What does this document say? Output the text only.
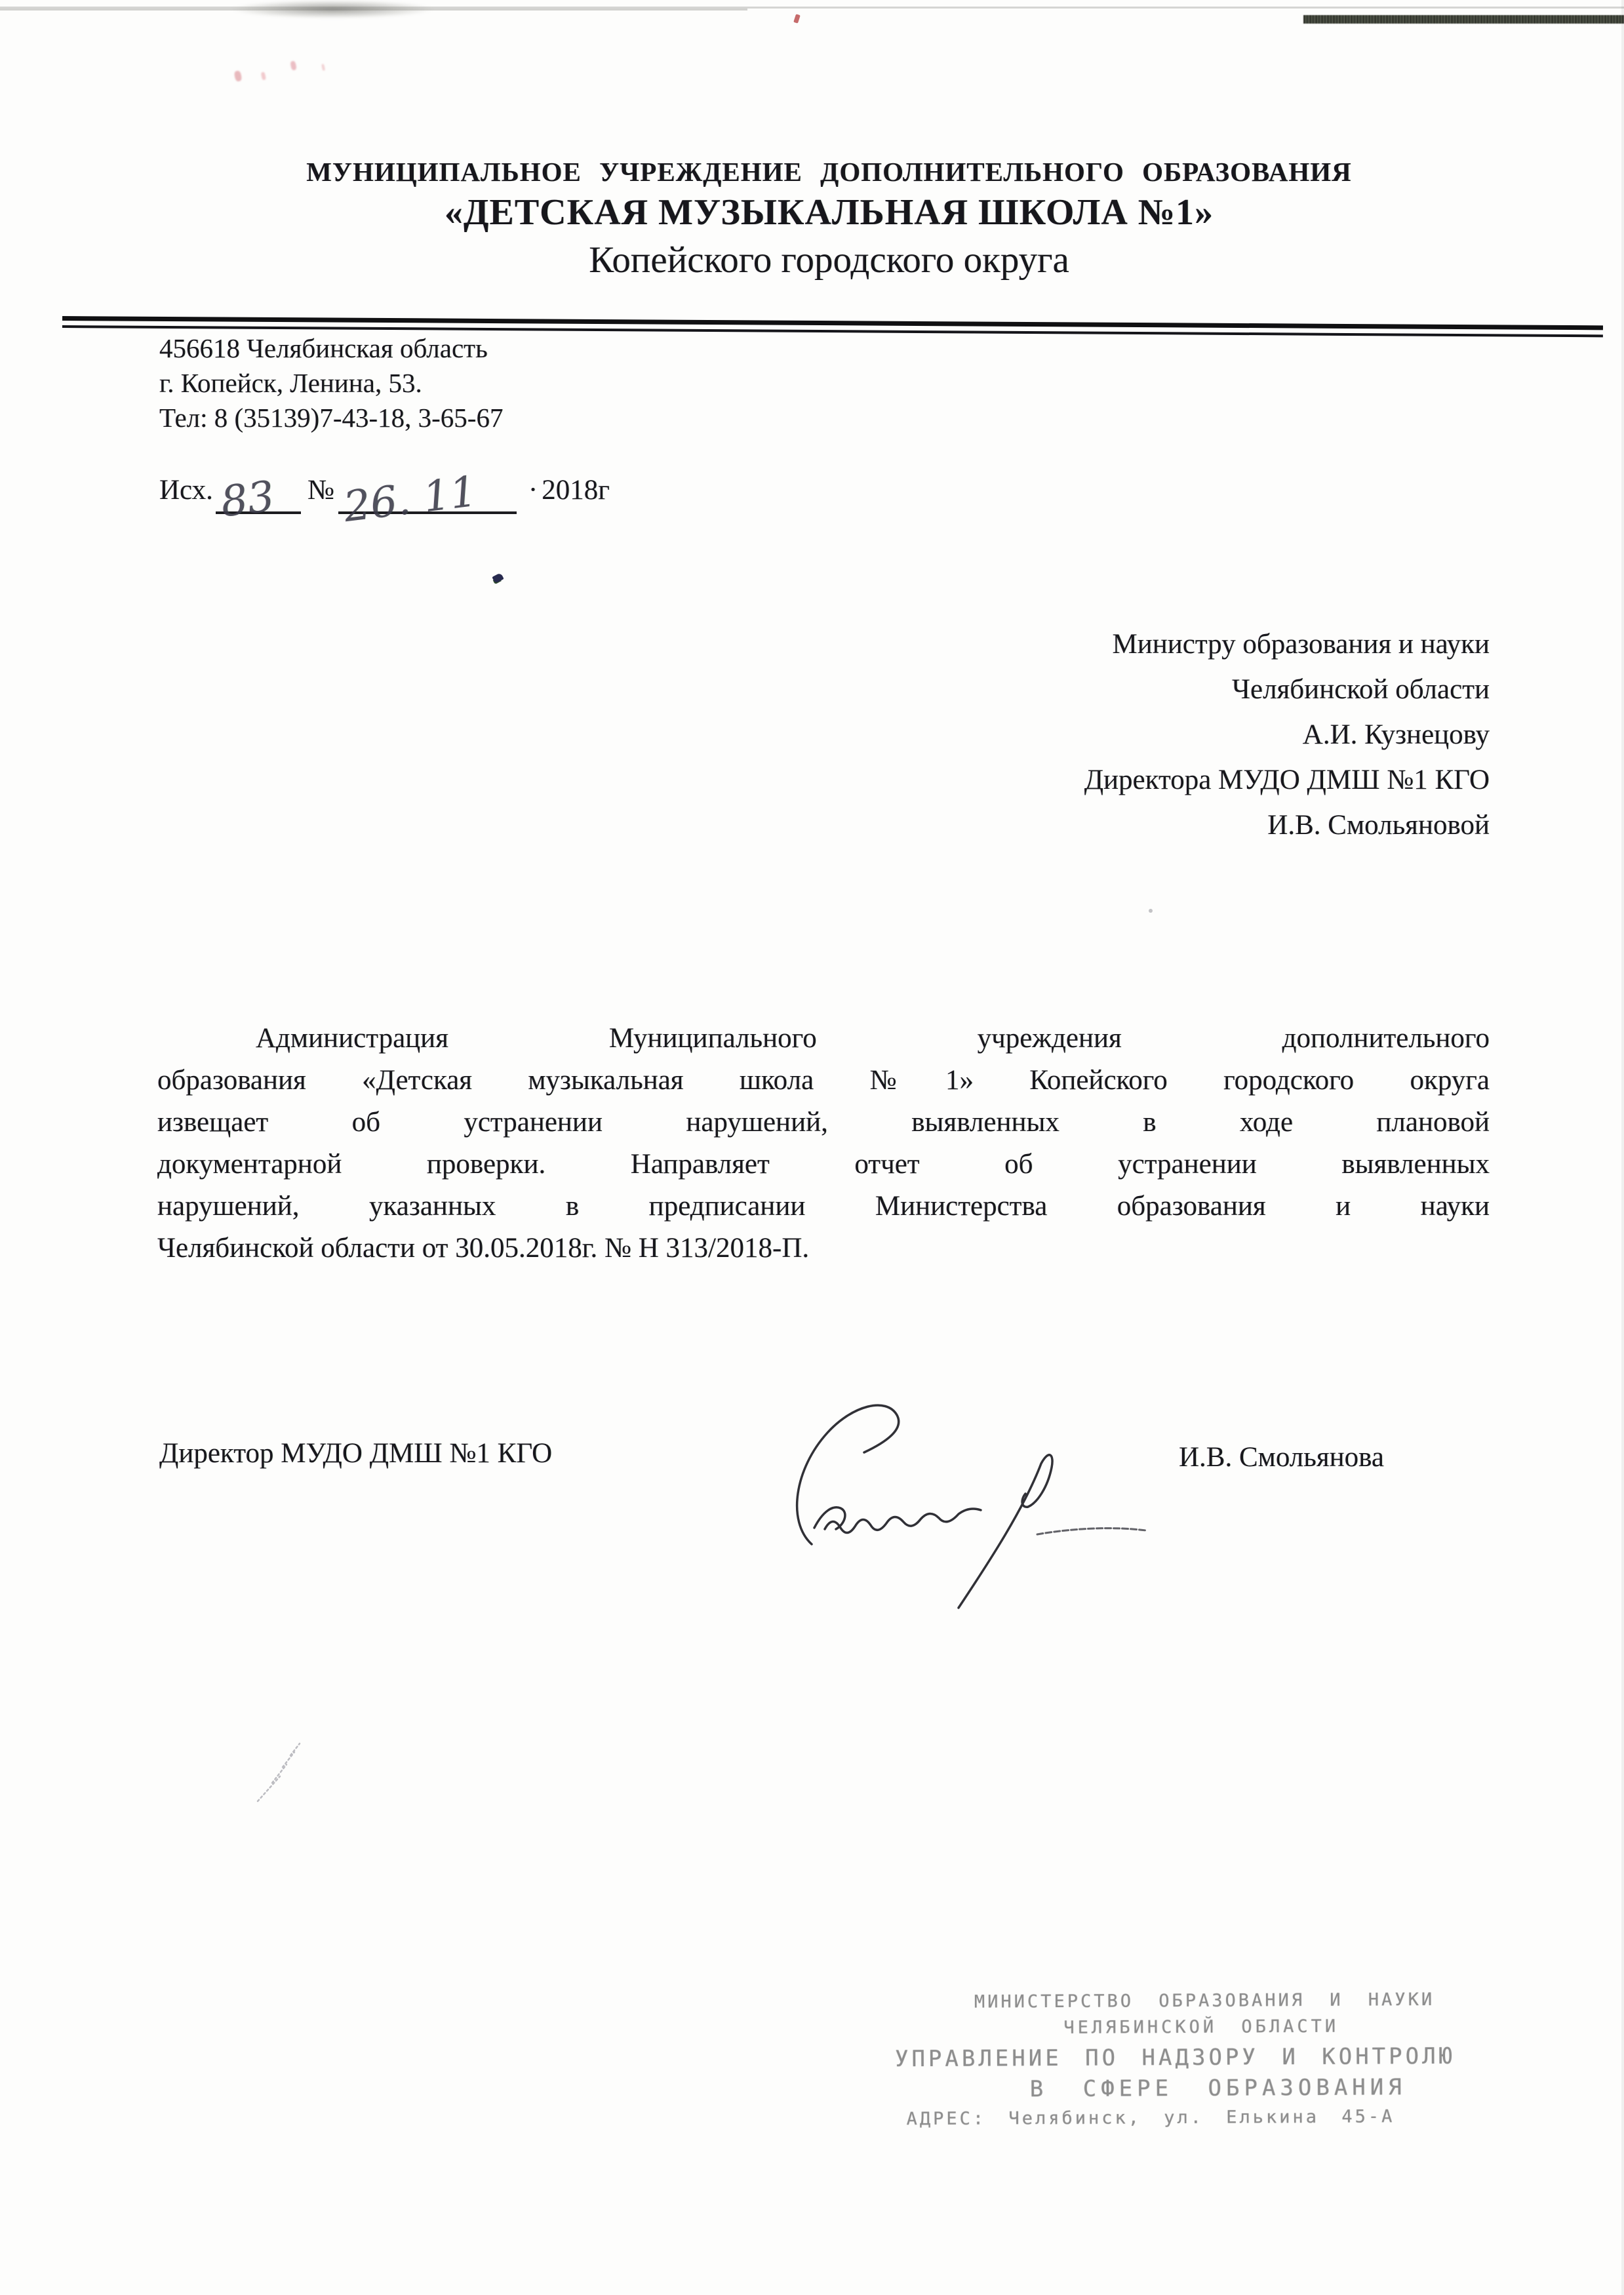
МУНИЦИПАЛЬНОЕ УЧРЕЖДЕНИЕ ДОПОЛНИТЕЛЬНОГО ОБРАЗОВАНИЯ
«ДЕТСКАЯ МУЗЫКАЛЬНАЯ ШКОЛА №1»
Копейского городского округа
456618 Челябинская область
г. Копейск, Ленина, 53.
Тел: 8 (35139)7-43-18, 3-65-67
Исх. 83 № 26. 11 · 2018г
Министру образования и науки
Челябинской области
А.И. Кузнецову
Директора МУДО ДМШ №1 КГО
И.В. Смольяновой
Администрация Муниципального учреждения дополнительного
образования «Детская музыкальная школа №1» Копейского городского округа
извещает об устранении нарушений, выявленных в ходе плановой
документарной проверки. Направляет отчет об устранении выявленных
нарушений, указанных в предписании Министерства образования и науки
Челябинской области от 30.05.2018г. № Н 313/2018-П.
Директор МУДО ДМШ №1 КГО	И.В. Смольянова
МИНИСТЕРСТВО ОБРАЗОВАНИЯ И НАУКИ
ЧЕЛЯБИНСКОЙ ОБЛАСТИ
УПРАВЛЕНИЕ ПО НАДЗОРУ И КОНТРОЛЮ
В СФЕРЕ ОБРАЗОВАНИЯ
АДРЕС: Челябинск, ул. Елькина 45-А
